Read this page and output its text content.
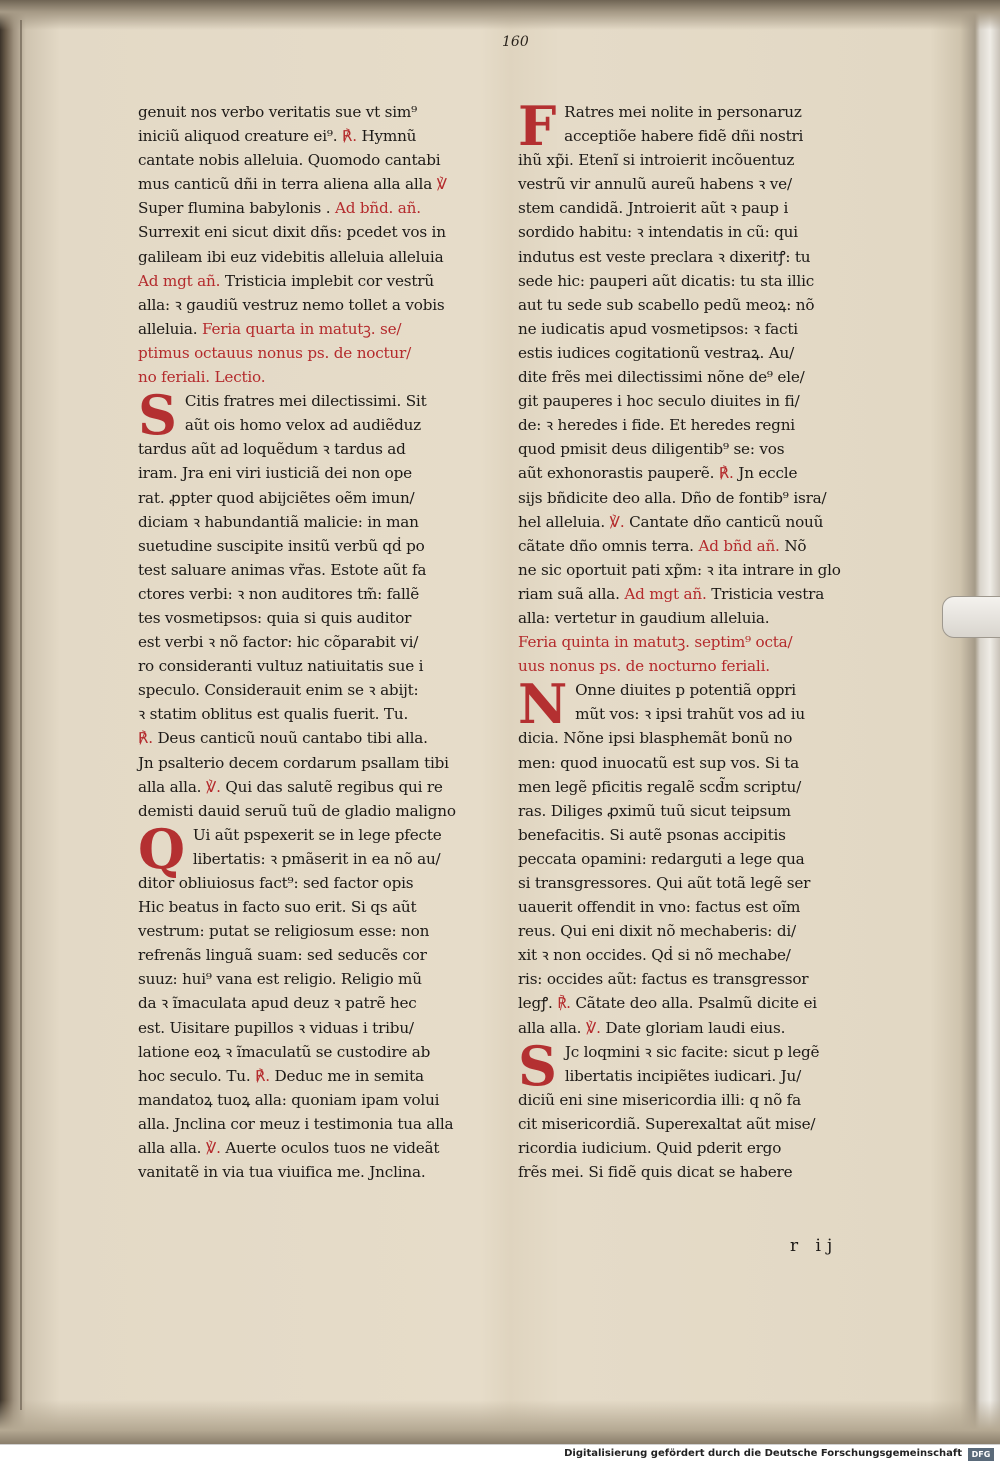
160

genuit nos verbo veritatis sue vt sim⁹

iniciũ aliquod creature ei⁹. ℟. Hymnũ

cantate nobis alleluia. Quomodo cantabi

mus canticũ dñi in terra aliena alla alla ℣

Super flumina babylonis . Ad bñd. añ.

Surrexit eni sicut dixit dñs: pcedet vos in

galileam ibi euz videbitis alleluia alleluia

Ad mgt añ. Tristicia implebit cor vestrũ

alla: ꝛ gaudiũ vestruz nemo tollet a vobis

alleluia. Feria quarta in matutꝫ. se/

ptimus octauus nonus ps. de noctur/

no feriali. Lectio.

S Citis fratres mei dilectissimi. Sit

aũt ois homo velox ad audiẽduz

tardus aũt ad loquẽdum ꝛ tardus ad

iram. Jra eni viri iusticiã dei non ope

rat. ꝓpter quod abijciẽtes oẽm imun/

diciam ꝛ habundantiã malicie: in man

suetudine suscipite insitũ verbũ qḋ po

test saluare animas vr̃as. Estote aũt fa

ctores verbi: ꝛ non auditores tm̃: fallẽ

tes vosmetipsos: quia si quis auditor

est verbi ꝛ nõ factor: hic cõparabit vi/

ro consideranti vultuz natiuitatis sue i

speculo. Considerauit enim se ꝛ abijt:

ꝛ statim oblitus est qualis fuerit. Tu.

℟. Deus canticũ nouũ cantabo tibi alla.

Jn psalterio decem cordarum psallam tibi

alla alla. ℣. Qui das salutẽ regibus qui re

demisti dauid seruũ tuũ de gladio maligno

Q Ui aũt pspexerit se in lege pfecte

libertatis: ꝛ pmãserit in ea nõ au/

ditor obliuiosus fact⁹: sed factor opis

Hic beatus in facto suo erit. Si qs aũt

vestrum: putat se religiosum esse: non

refrenãs linguã suam: sed seducẽs cor

suuz: hui⁹ vana est religio. Religio mũ

da ꝛ ĩmaculata apud deuz ꝛ patrẽ hec

est. Uisitare pupillos ꝛ viduas i tribu/

latione eoꝝ ꝛ ĩmaculatũ se custodire ab

hoc seculo. Tu. ℟. Deduc me in semita

mandatoꝝ tuoꝝ alla: quoniam ipam volui

alla. Jnclina cor meuz i testimonia tua alla

alla alla. ℣. Auerte oculos tuos ne videãt

vanitatẽ in via tua viuifica me. Jnclina.

F Ratres mei nolite in personaruz

acceptiõe habere fidẽ dñi nostri

ihũ xp̃i. Etenĩ si introierit incõuentuz

vestrũ vir annulũ aureũ habens ꝛ ve/

stem candidã. Jntroierit aũt ꝛ paup i

sordido habitu: ꝛ intendatis in cũ: qui

indutus est veste preclara ꝛ dixeritꝭ: tu

sede hic: pauperi aũt dicatis: tu sta illic

aut tu sede sub scabello pedũ meoꝝ: nõ

ne iudicatis apud vosmetipsos: ꝛ facti

estis iudices cogitationũ vestraꝝ. Au/

dite frẽs mei dilectissimi nõne de⁹ ele/

git pauperes i hoc seculo diuites in fi/

de: ꝛ heredes i fide. Et heredes regni

quod pmisit deus diligentib⁹ se: vos

aũt exhonorastis pauperẽ. ℟. Jn eccle

sijs bñdicite deo alla. Dño de fontib⁹ isra/

hel alleluia. ℣. Cantate dño canticũ nouũ

cãtate dño omnis terra. Ad bñd añ. Nõ

ne sic oportuit pati xp̃m: ꝛ ita intrare in glo

riam suã alla. Ad mgt añ. Tristicia vestra

alla: vertetur in gaudium alleluia.

Feria quinta in matutꝫ. septim⁹ octa/

uus nonus ps. de nocturno feriali.

N Onne diuites p potentiã oppri

mũt vos: ꝛ ipsi trahũt vos ad iu

dicia. Nõne ipsi blasphemãt bonũ no

men: quod inuocatũ est sup vos. Si ta

men legẽ pficitis regalẽ scd̃m scriptu/

ras. Diliges ꝓximũ tuũ sicut teipsum

benefacitis. Si autẽ psonas accipitis

peccata opamini: redarguti a lege qua

si transgressores. Qui aũt totã legẽ ser

uauerit offendit in vno: factus est oĩm

reus. Qui eni dixit nõ mechaberis: di/

xit ꝛ non occides. Qḋ si nõ mechabe/

ris: occides aũt: factus es transgressor

legꝭ. ℟. Cãtate deo alla. Psalmũ dicite ei

alla alla. ℣. Date gloriam laudi eius.

S Jc loqmini ꝛ sic facite: sicut p legẽ

libertatis incipiẽtes iudicari. Ju/

diciũ eni sine misericordia illi: q nõ fa

cit misericordiã. Superexaltat aũt mise/

ricordia iudicium. Quid pderit ergo

frẽs mei. Si fidẽ quis dicat se habere

r ij
Digitalisierung gefördert durch die Deutsche Forschungsgemeinschaft	DFG
